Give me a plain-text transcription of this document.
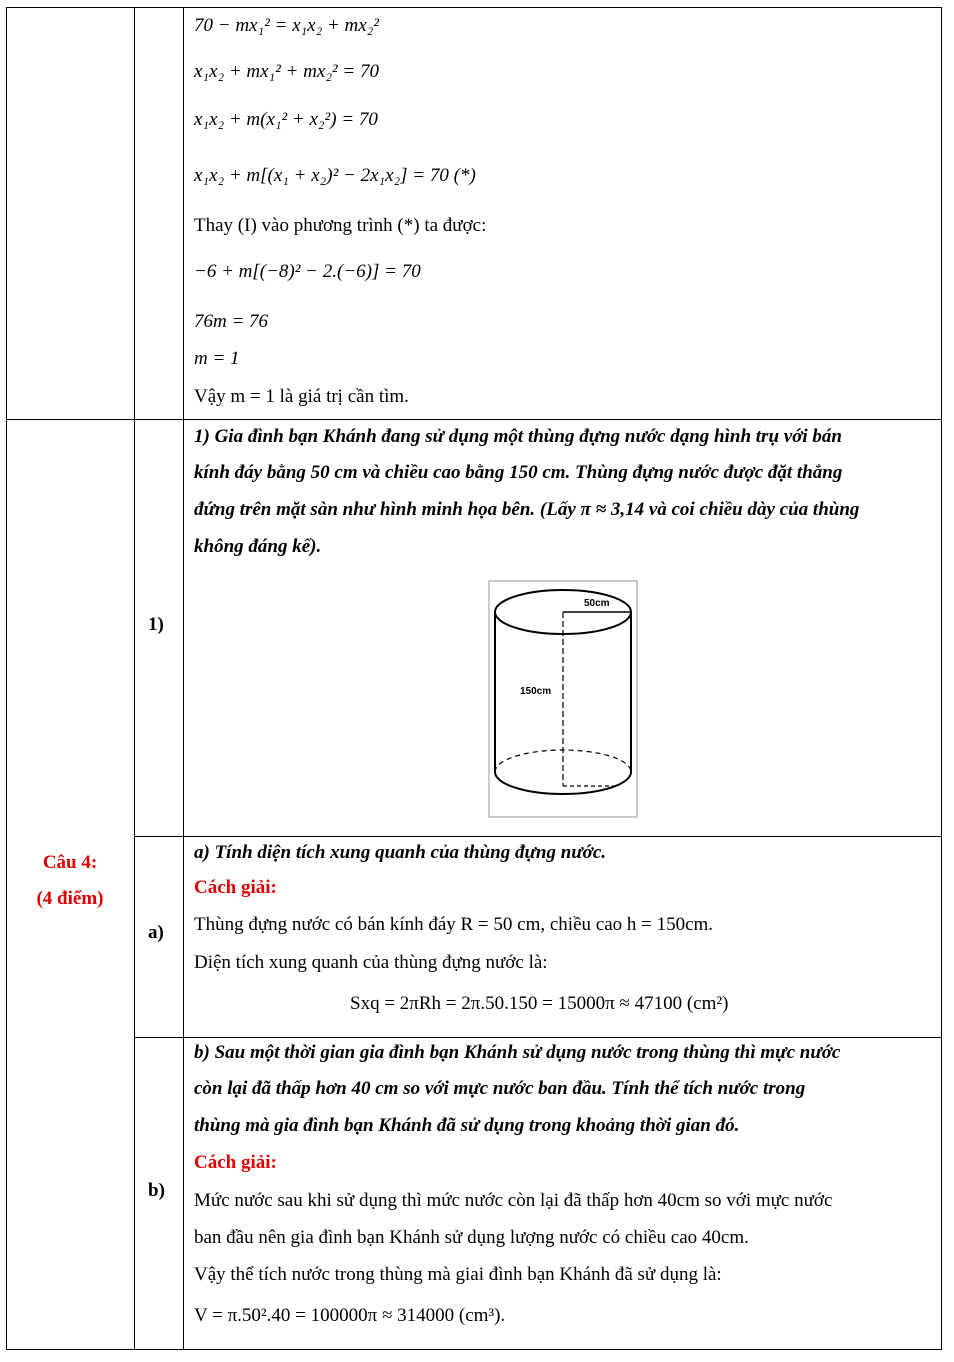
70 − mx₁² = x₁x₂ + mx₂²
x₁x₂ + mx₁² + mx₂² = 70
x₁x₂ + m(x₁² + x₂²) = 70
x₁x₂ + m[(x₁ + x₂)² − 2x₁x₂] = 70 (*)
Thay (I) vào phương trình (*) ta được:
−6 + m[(−8)² − 2.(−6)] = 70
76m = 76
m = 1
Vậy m = 1 là giá trị cần tìm.
Câu 4:
(4 điểm)
1)
a)
b)
1) Gia đình bạn Khánh đang sử dụng một thùng đựng nước dạng hình trụ với bán
kính đáy bằng 50 cm và chiều cao bằng 150 cm. Thùng đựng nước được đặt thẳng
đứng trên mặt sàn như hình minh họa bên. (Lấy π ≈ 3,14 và coi chiều dày của thùng
không đáng kể).
50cm
150cm
a) Tính diện tích xung quanh của thùng đựng nước.
Cách giải:
Thùng đựng nước có bán kính đáy R = 50 cm, chiều cao h = 150cm.
Diện tích xung quanh của thùng đựng nước là:
Sxq = 2πRh = 2π.50.150 = 15000π ≈ 47100 (cm²)
b) Sau một thời gian gia đình bạn Khánh sử dụng nước trong thùng thì mực nước
còn lại đã thấp hơn 40 cm so với mực nước ban đầu. Tính thể tích nước trong
thùng mà gia đình bạn Khánh đã sử dụng trong khoảng thời gian đó.
Cách giải:
Mức nước sau khi sử dụng thì mức nước còn lại đã thấp hơn 40cm so với mực nước
ban đầu nên gia đình bạn Khánh sử dụng lượng nước có chiều cao 40cm.
Vậy thể tích nước trong thùng mà giai đình bạn Khánh đã sử dụng là:
V = π.50².40 = 100000π ≈ 314000 (cm³).
